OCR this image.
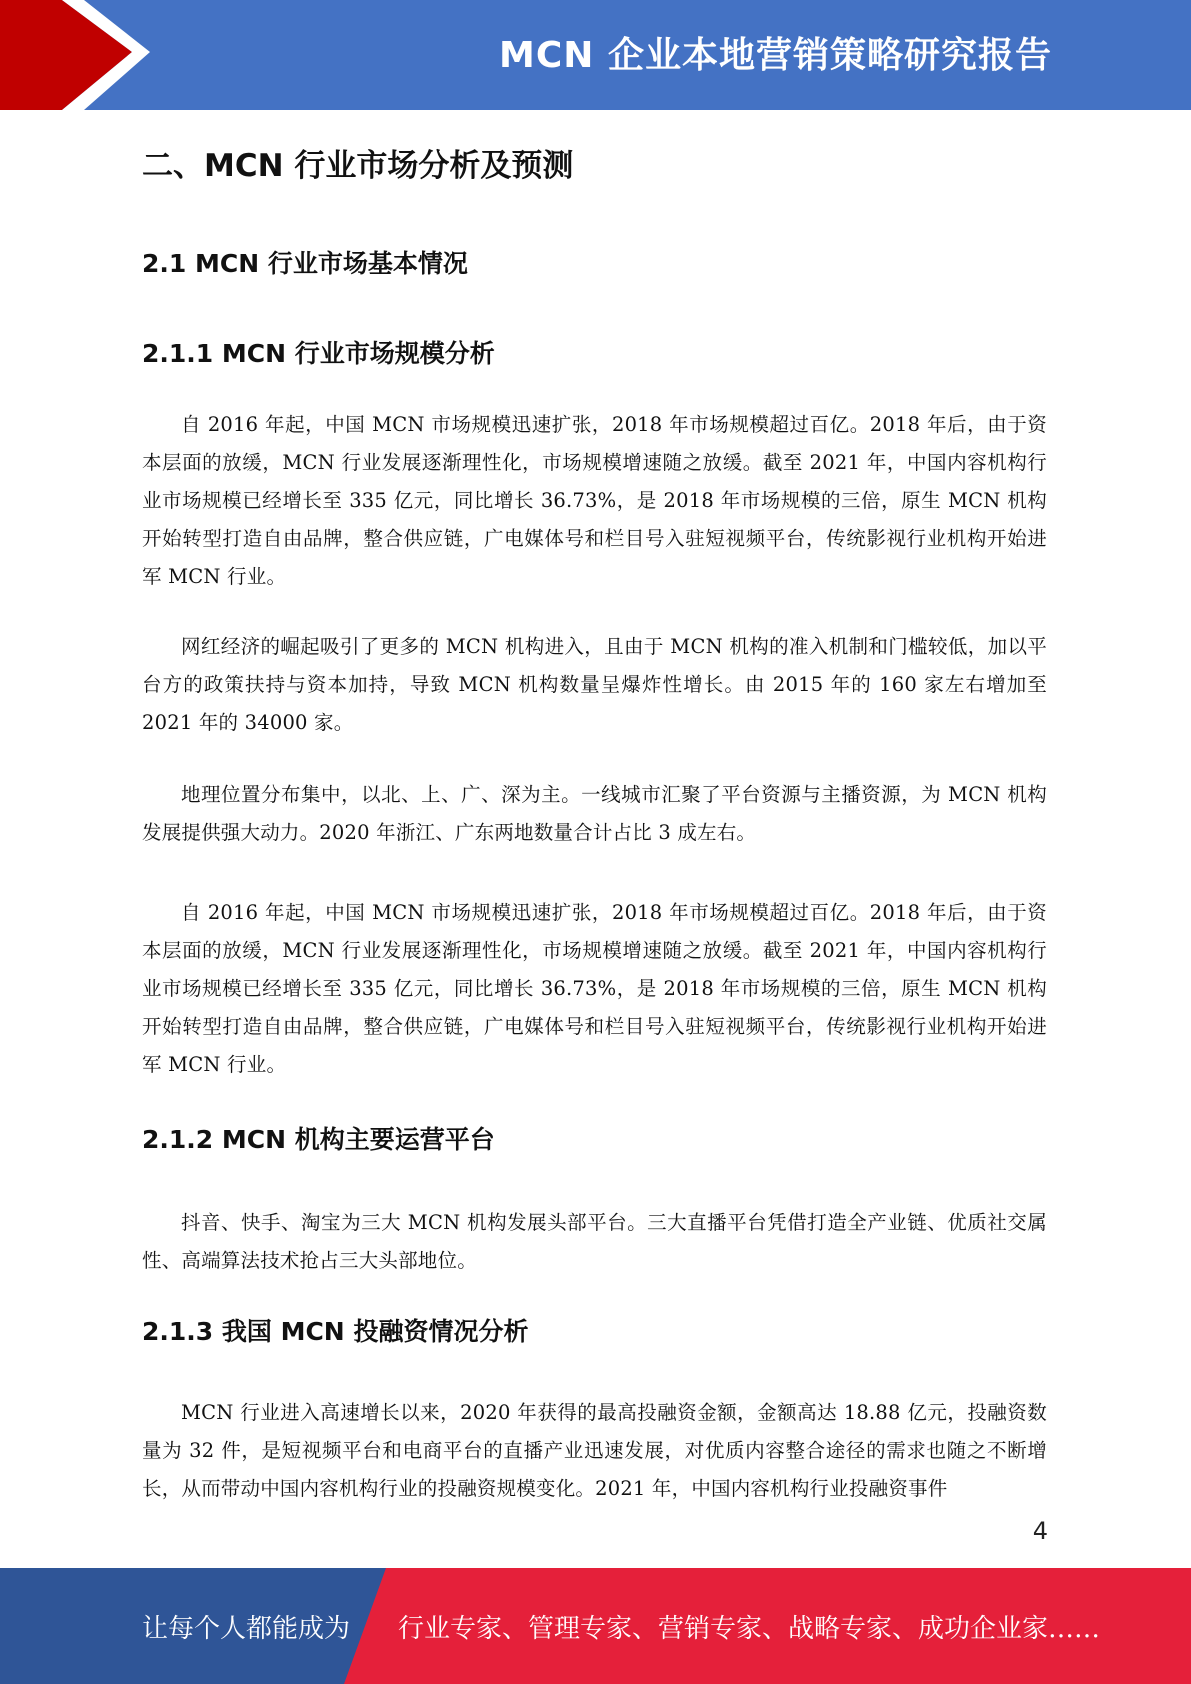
MCN 企业本地营销策略研究报告
二、MCN 行业市场分析及预测
2.1 MCN 行业市场基本情况
2.1.1 MCN 行业市场规模分析

自 2016 年起，中国 MCN 市场规模迅速扩张，2018 年市场规模超过百亿。2018 年后，由于资本层面的放缓，MCN 行业发展逐渐理性化，市场规模增速随之放缓。截至 2021 年，中国内容机构行业市场规模已经增长至 335 亿元，同比增长 36.73%，是 2018 年市场规模的三倍，原生 MCN 机构开始转型打造自由品牌，整合供应链，广电媒体号和栏目号入驻短视频平台，传统影视行业机构开始进军 MCN 行业。

网红经济的崛起吸引了更多的 MCN 机构进入，且由于 MCN 机构的准入机制和门槛较低，加以平台方的政策扶持与资本加持，导致 MCN 机构数量呈爆炸性增长。由 2015 年的 160 家左右增加至 2021 年的 34000 家。

地理位置分布集中，以北、上、广、深为主。一线城市汇聚了平台资源与主播资源，为 MCN 机构发展提供强大动力。2020 年浙江、广东两地数量合计占比 3 成左右。

自 2016 年起，中国 MCN 市场规模迅速扩张，2018 年市场规模超过百亿。2018 年后，由于资本层面的放缓，MCN 行业发展逐渐理性化，市场规模增速随之放缓。截至 2021 年，中国内容机构行业市场规模已经增长至 335 亿元，同比增长 36.73%，是 2018 年市场规模的三倍，原生 MCN 机构开始转型打造自由品牌，整合供应链，广电媒体号和栏目号入驻短视频平台，传统影视行业机构开始进军 MCN 行业。

2.1.2 MCN 机构主要运营平台

抖音、快手、淘宝为三大 MCN 机构发展头部平台。三大直播平台凭借打造全产业链、优质社交属性、高端算法技术抢占三大头部地位。

2.1.3 我国 MCN 投融资情况分析

MCN 行业进入高速增长以来，2020 年获得的最高投融资金额，金额高达 18.88 亿元，投融资数量为 32 件，是短视频平台和电商平台的直播产业迅速发展，对优质内容整合途径的需求也随之不断增长，从而带动中国内容机构行业的投融资规模变化。2021 年，中国内容机构行业投融资事件

4
让每个人都能成为 行业专家、管理专家、营销专家、战略专家、成功企业家……
